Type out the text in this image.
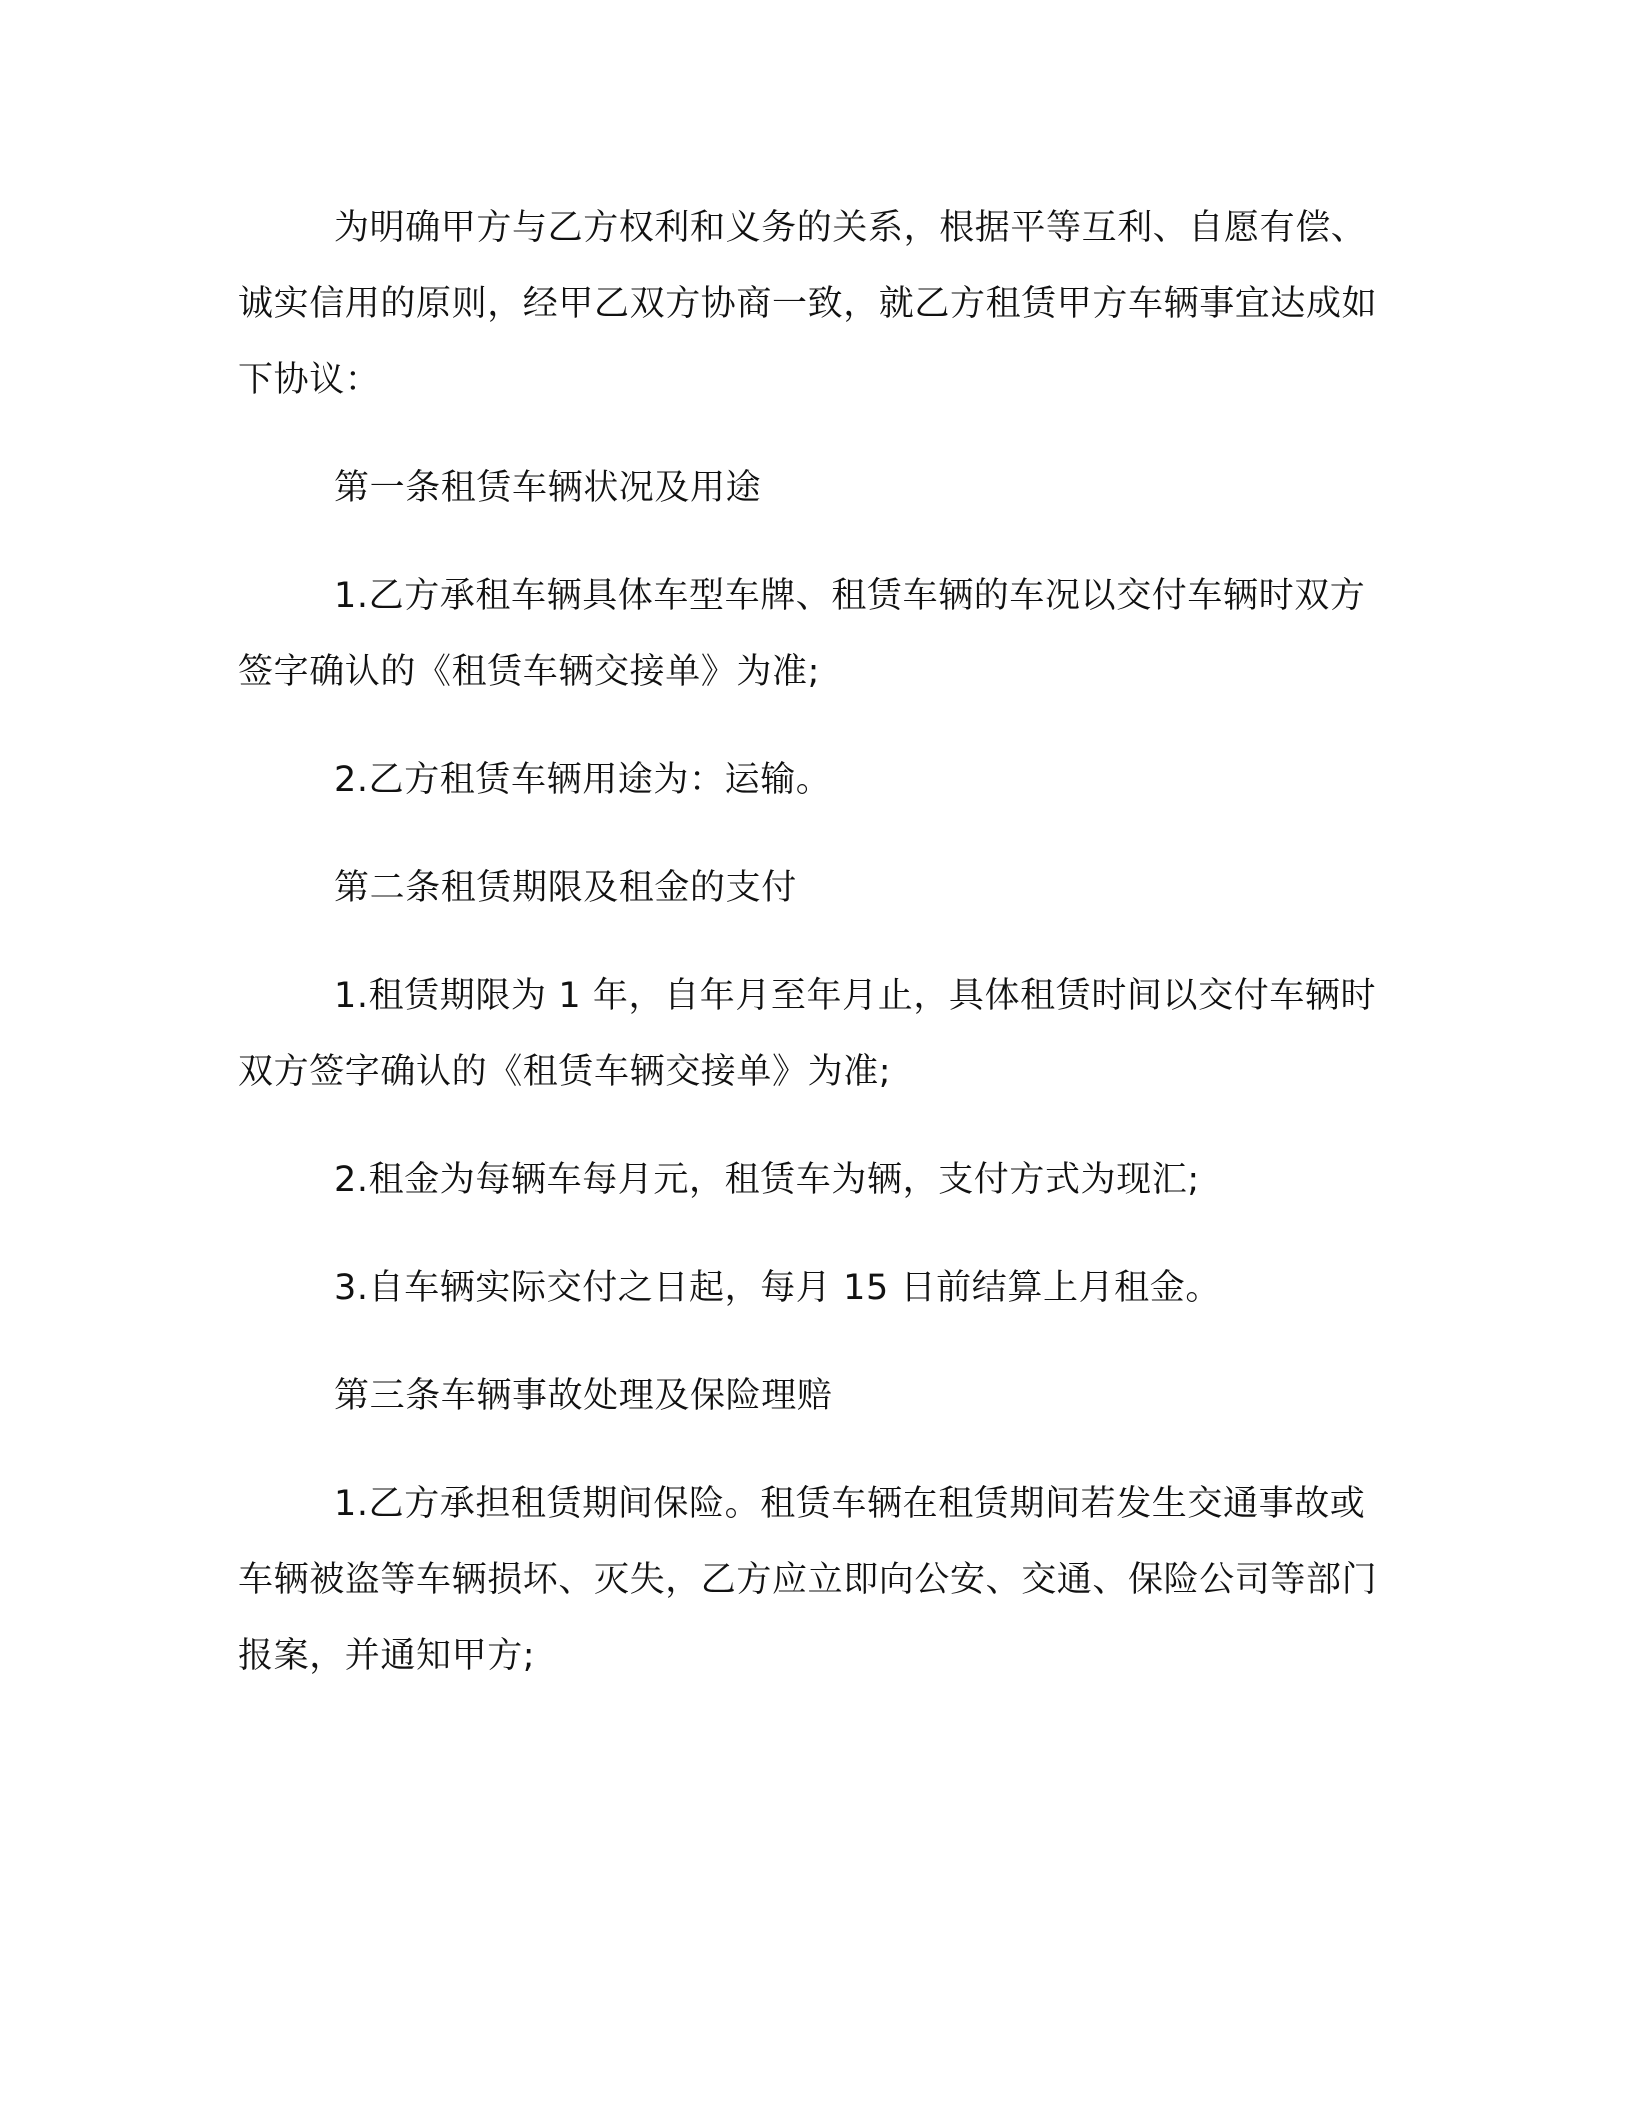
为明确甲方与乙方权利和义务的关系，根据平等互利、自愿有偿、诚实信用的原则，经甲乙双方协商一致，就乙方租赁甲方车辆事宜达成如下协议：

第一条租赁车辆状况及用途

1.乙方承租车辆具体车型车牌、租赁车辆的车况以交付车辆时双方签字确认的《租赁车辆交接单》为准;

2.乙方租赁车辆用途为：运输。

第二条租赁期限及租金的支付

1.租赁期限为 1 年，自年月至年月止，具体租赁时间以交付车辆时双方签字确认的《租赁车辆交接单》为准;

2.租金为每辆车每月元，租赁车为辆，支付方式为现汇;

3.自车辆实际交付之日起，每月 15 日前结算上月租金。

第三条车辆事故处理及保险理赔

1.乙方承担租赁期间保险。租赁车辆在租赁期间若发生交通事故或车辆被盗等车辆损坏、灭失，乙方应立即向公安、交通、保险公司等部门报案，并通知甲方;
